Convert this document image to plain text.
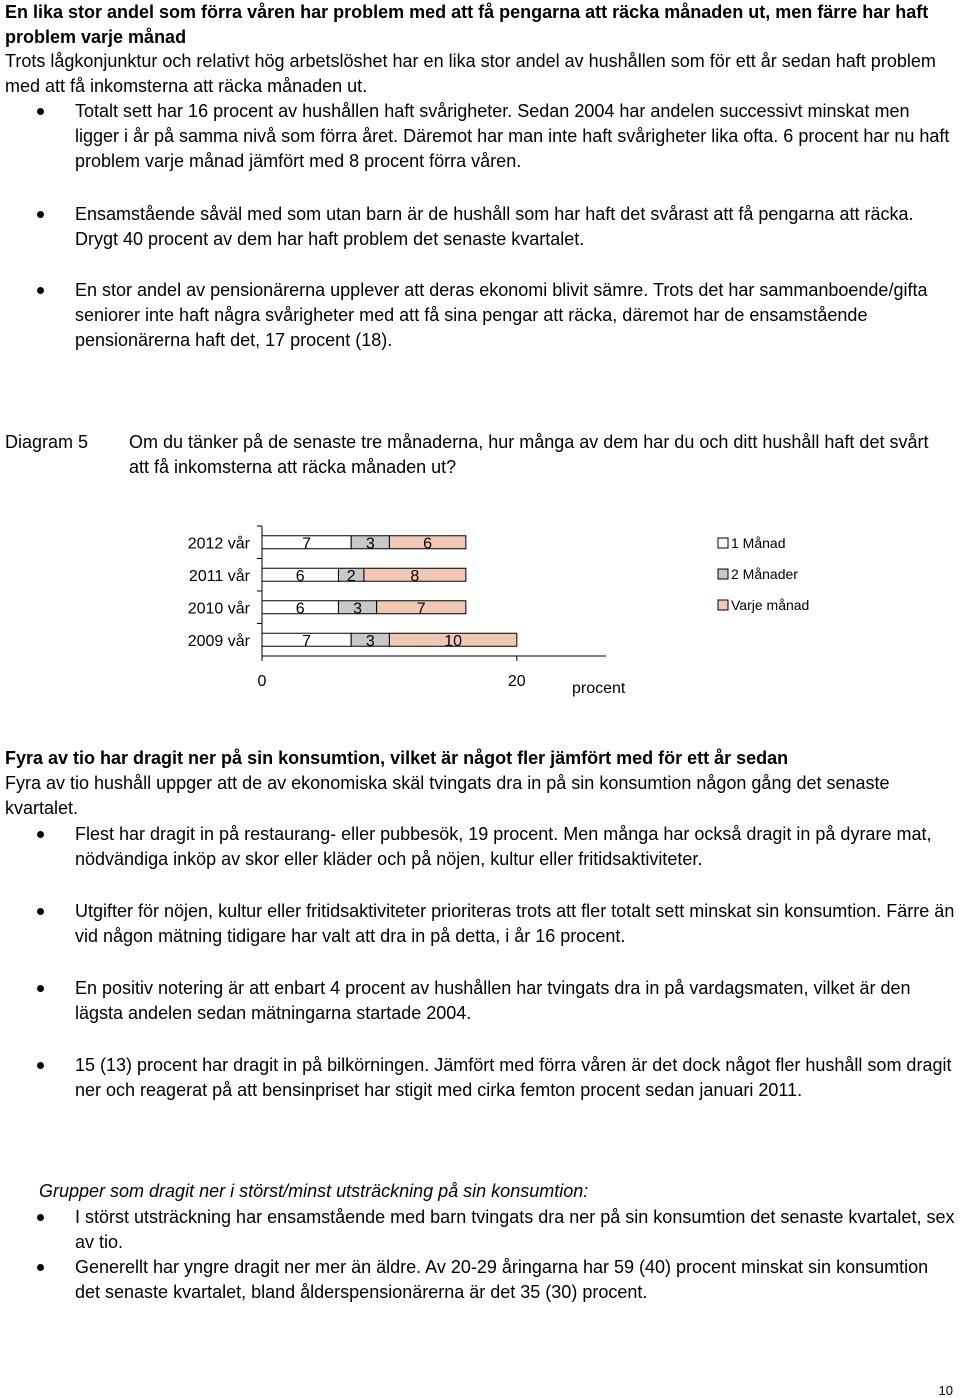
En lika stor andel som förra våren har problem med att få pengarna att räcka månaden ut, men färre har haft problem varje månad
Trots lågkonjunktur och relativt hög arbetslöshet har en lika stor andel av hushållen som för ett år sedan haft problem med att få inkomsterna att räcka månaden ut.
Totalt sett har 16 procent av hushållen haft svårigheter. Sedan 2004 har andelen successivt minskat men ligger i år på samma nivå som förra året. Däremot har man inte haft svårigheter lika ofta. 6 procent har nu haft problem varje månad jämfört med 8 procent förra våren.
Ensamstående såväl med som utan barn är de hushåll som har haft det svårast att få pengarna att räcka. Drygt 40 procent av dem har haft problem det senaste kvartalet.
En stor andel av pensionärerna upplever att deras ekonomi blivit sämre. Trots det har sammanboende/gifta seniorer inte haft några svårigheter med att få sina pengar att räcka, däremot har de ensamstående pensionärerna haft det, 17 procent (18).
Diagram 5 Om du tänker på de senaste tre månaderna, hur många av dem har du och ditt hushåll haft det svårt att få inkomsterna att räcka månaden ut?
2012 vår	7	3	6
2011 vår	6	2	8
2010 vår	6	3	7
2009 vår	7	3	10
0	20	procent
1 Månad
2 Månader
Varje månad
Fyra av tio har dragit ner på sin konsumtion, vilket är något fler jämfört med för ett år sedan
Fyra av tio hushåll uppger att de av ekonomiska skäl tvingats dra in på sin konsumtion någon gång det senaste kvartalet.
Flest har dragit in på restaurang- eller pubbesök, 19 procent. Men många har också dragit in på dyrare mat, nödvändiga inköp av skor eller kläder och på nöjen, kultur eller fritidsaktiviteter.
Utgifter för nöjen, kultur eller fritidsaktiviteter prioriteras trots att fler totalt sett minskat sin konsumtion. Färre än vid någon mätning tidigare har valt att dra in på detta, i år 16 procent.
En positiv notering är att enbart 4 procent av hushållen har tvingats dra in på vardagsmaten, vilket är den lägsta andelen sedan mätningarna startade 2004.
15 (13) procent har dragit in på bilkörningen. Jämfört med förra våren är det dock något fler hushåll som dragit ner och reagerat på att bensinpriset har stigit med cirka femton procent sedan januari 2011.
Grupper som dragit ner i störst/minst utsträckning på sin konsumtion:
I störst utsträckning har ensamstående med barn tvingats dra ner på sin konsumtion det senaste kvartalet, sex av tio.
Generellt har yngre dragit ner mer än äldre. Av 20-29 åringarna har 59 (40) procent minskat sin konsumtion det senaste kvartalet, bland ålderspensionärerna är det 35 (30) procent.
10
